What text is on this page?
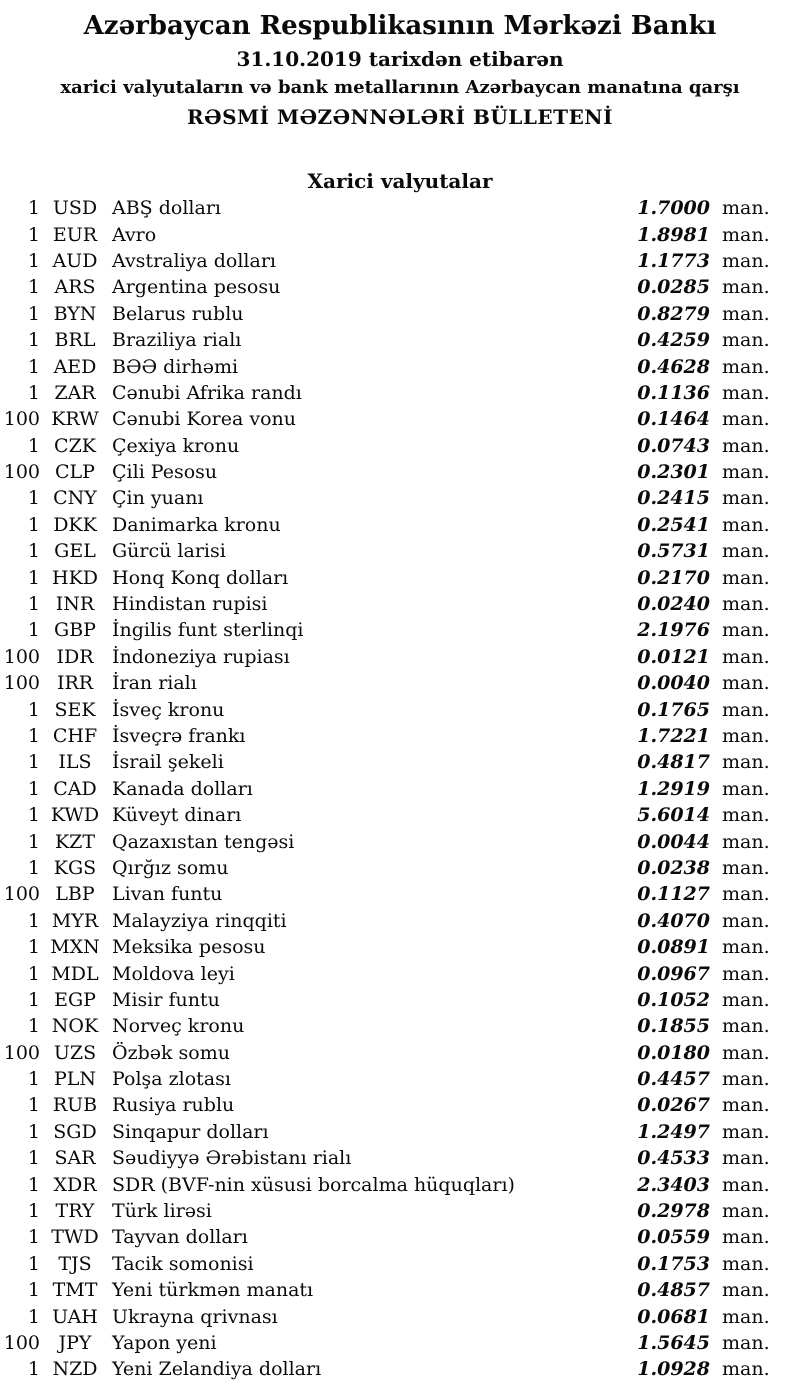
Azərbaycan Respublikasının Mərkəzi Bankı
31.10.2019 tarixdən etibarən
xarici valyutaların və bank metallarının Azərbaycan manatına qarşı
RƏSMİ MƏZƏNNƏLƏRİ BÜLLETENİ
Xarici valyutalar
1 USD ABŞ dolları	1.7000 man.
1 EUR Avro	1.8981 man.
1 AUD Avstraliya dolları	1.1773 man.
1 ARS Argentina pesosu	0.0285 man.
1 BYN Belarus rublu	0.8279 man.
1 BRL Braziliya rialı	0.4259 man.
1 AED BƏƏ dirhəmi	0.4628 man.
1 ZAR Cənubi Afrika randı	0.1136 man.
100 KRW Cənubi Korea vonu	0.1464 man.
1 CZK Çexiya kronu	0.0743 man.
100 CLP Çili Pesosu	0.2301 man.
1 CNY Çin yuanı	0.2415 man.
1 DKK Danimarka kronu	0.2541 man.
1 GEL Gürcü larisi	0.5731 man.
1 HKD Honq Konq dolları	0.2170 man.
1 INR Hindistan rupisi	0.0240 man.
1 GBP İngilis funt sterlinqi	2.1976 man.
100 IDR İndoneziya rupiası	0.0121 man.
100 IRR İran rialı	0.0040 man.
1 SEK İsveç kronu	0.1765 man.
1 CHF İsveçrə frankı	1.7221 man.
1 ILS	İsrail şekeli	0.4817 man.
1 CAD Kanada dolları	1.2919 man.
1 KWD Küveyt dinarı	5.6014 man.
1 KZT Qazaxıstan tengəsi	0.0044 man.
1 KGS Qırğız somu	0.0238 man.
100 LBP Livan funtu	0.1127 man.
1 MYR Malayziya rinqqiti	0.4070 man.
1 MXN Meksika pesosu	0.0891 man.
1 MDL Moldova leyi	0.0967 man.
1 EGP Misir funtu	0.1052 man.
1 NOK Norveç kronu	0.1855 man.
100 UZS Özbək somu	0.0180 man.
1 PLN Polşa zlotası	0.4457 man.
1 RUB Rusiya rublu	0.0267 man.
1 SGD Sinqapur dolları	1.2497 man.
1 SAR Səudiyyə Ərəbistanı rialı	0.4533 man.
1 XDR SDR (BVF-nin xüsusi borcalma hüquqları)	2.3403 man.
1 TRY Türk lirəsi	0.2978 man.
1 TWD Tayvan dolları	0.0559 man.
1 TJS	Tacik somonisi	0.1753 man.
1 TMT Yeni türkmən manatı	0.4857 man.
1 UAH Ukrayna qrivnası	0.0681 man.
100 JPY	Yapon yeni	1.5645 man.
1 NZD Yeni Zelandiya dolları	1.0928 man.
